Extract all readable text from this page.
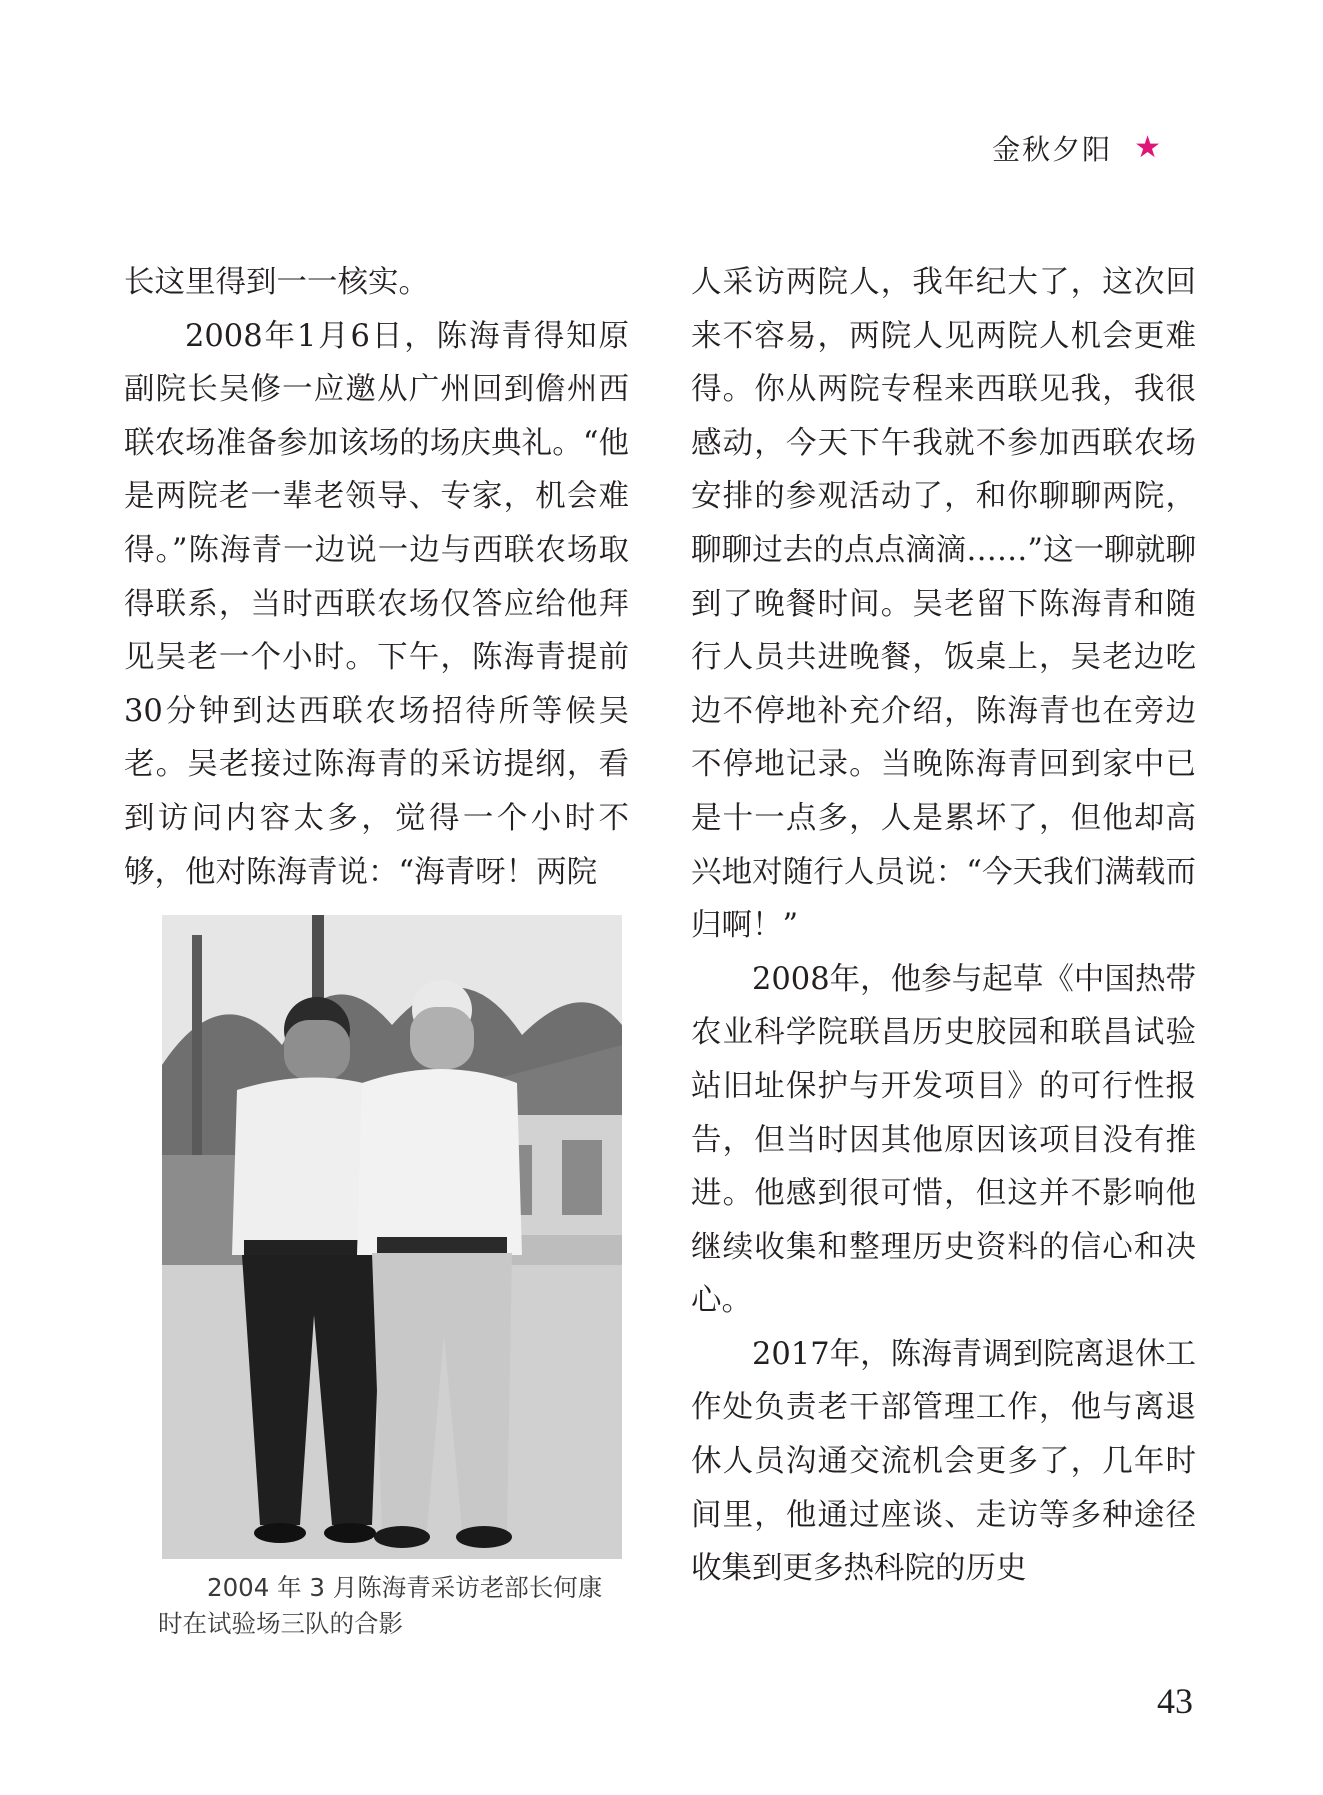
金秋夕阳 ★

长这里得到一一核实。

2008年1月6日，陈海青得知原副院长吴修一应邀从广州回到儋州西联农场准备参加该场的场庆典礼。“他是两院老一辈老领导、专家，机会难得。”陈海青一边说一边与西联农场取得联系，当时西联农场仅答应给他拜见吴老一个小时。下午，陈海青提前30分钟到达西联农场招待所等候吴老。吴老接过陈海青的采访提纲，看到访问内容太多，觉得一个小时不够，他对陈海青说：“海青呀！两院

2004 年 3 月陈海青采访老部长何康
时在试验场三队的合影

人采访两院人，我年纪大了，这次回来不容易，两院人见两院人机会更难得。你从两院专程来西联见我，我很感动，今天下午我就不参加西联农场安排的参观活动了，和你聊聊两院，聊聊过去的点点滴滴……”这一聊就聊到了晚餐时间。吴老留下陈海青和随行人员共进晚餐，饭桌上，吴老边吃边不停地补充介绍，陈海青也在旁边不停地记录。当晚陈海青回到家中已是十一点多，人是累坏了，但他却高兴地对随行人员说：“今天我们满载而归啊！”

2008年，他参与起草《中国热带农业科学院联昌历史胶园和联昌试验站旧址保护与开发项目》的可行性报告，但当时因其他原因该项目没有推进。他感到很可惜，但这并不影响他继续收集和整理历史资料的信心和决心。

2017年，陈海青调到院离退休工作处负责老干部管理工作，他与离退休人员沟通交流机会更多了，几年时间里，他通过座谈、走访等多种途径收集到更多热科院的历史

43
